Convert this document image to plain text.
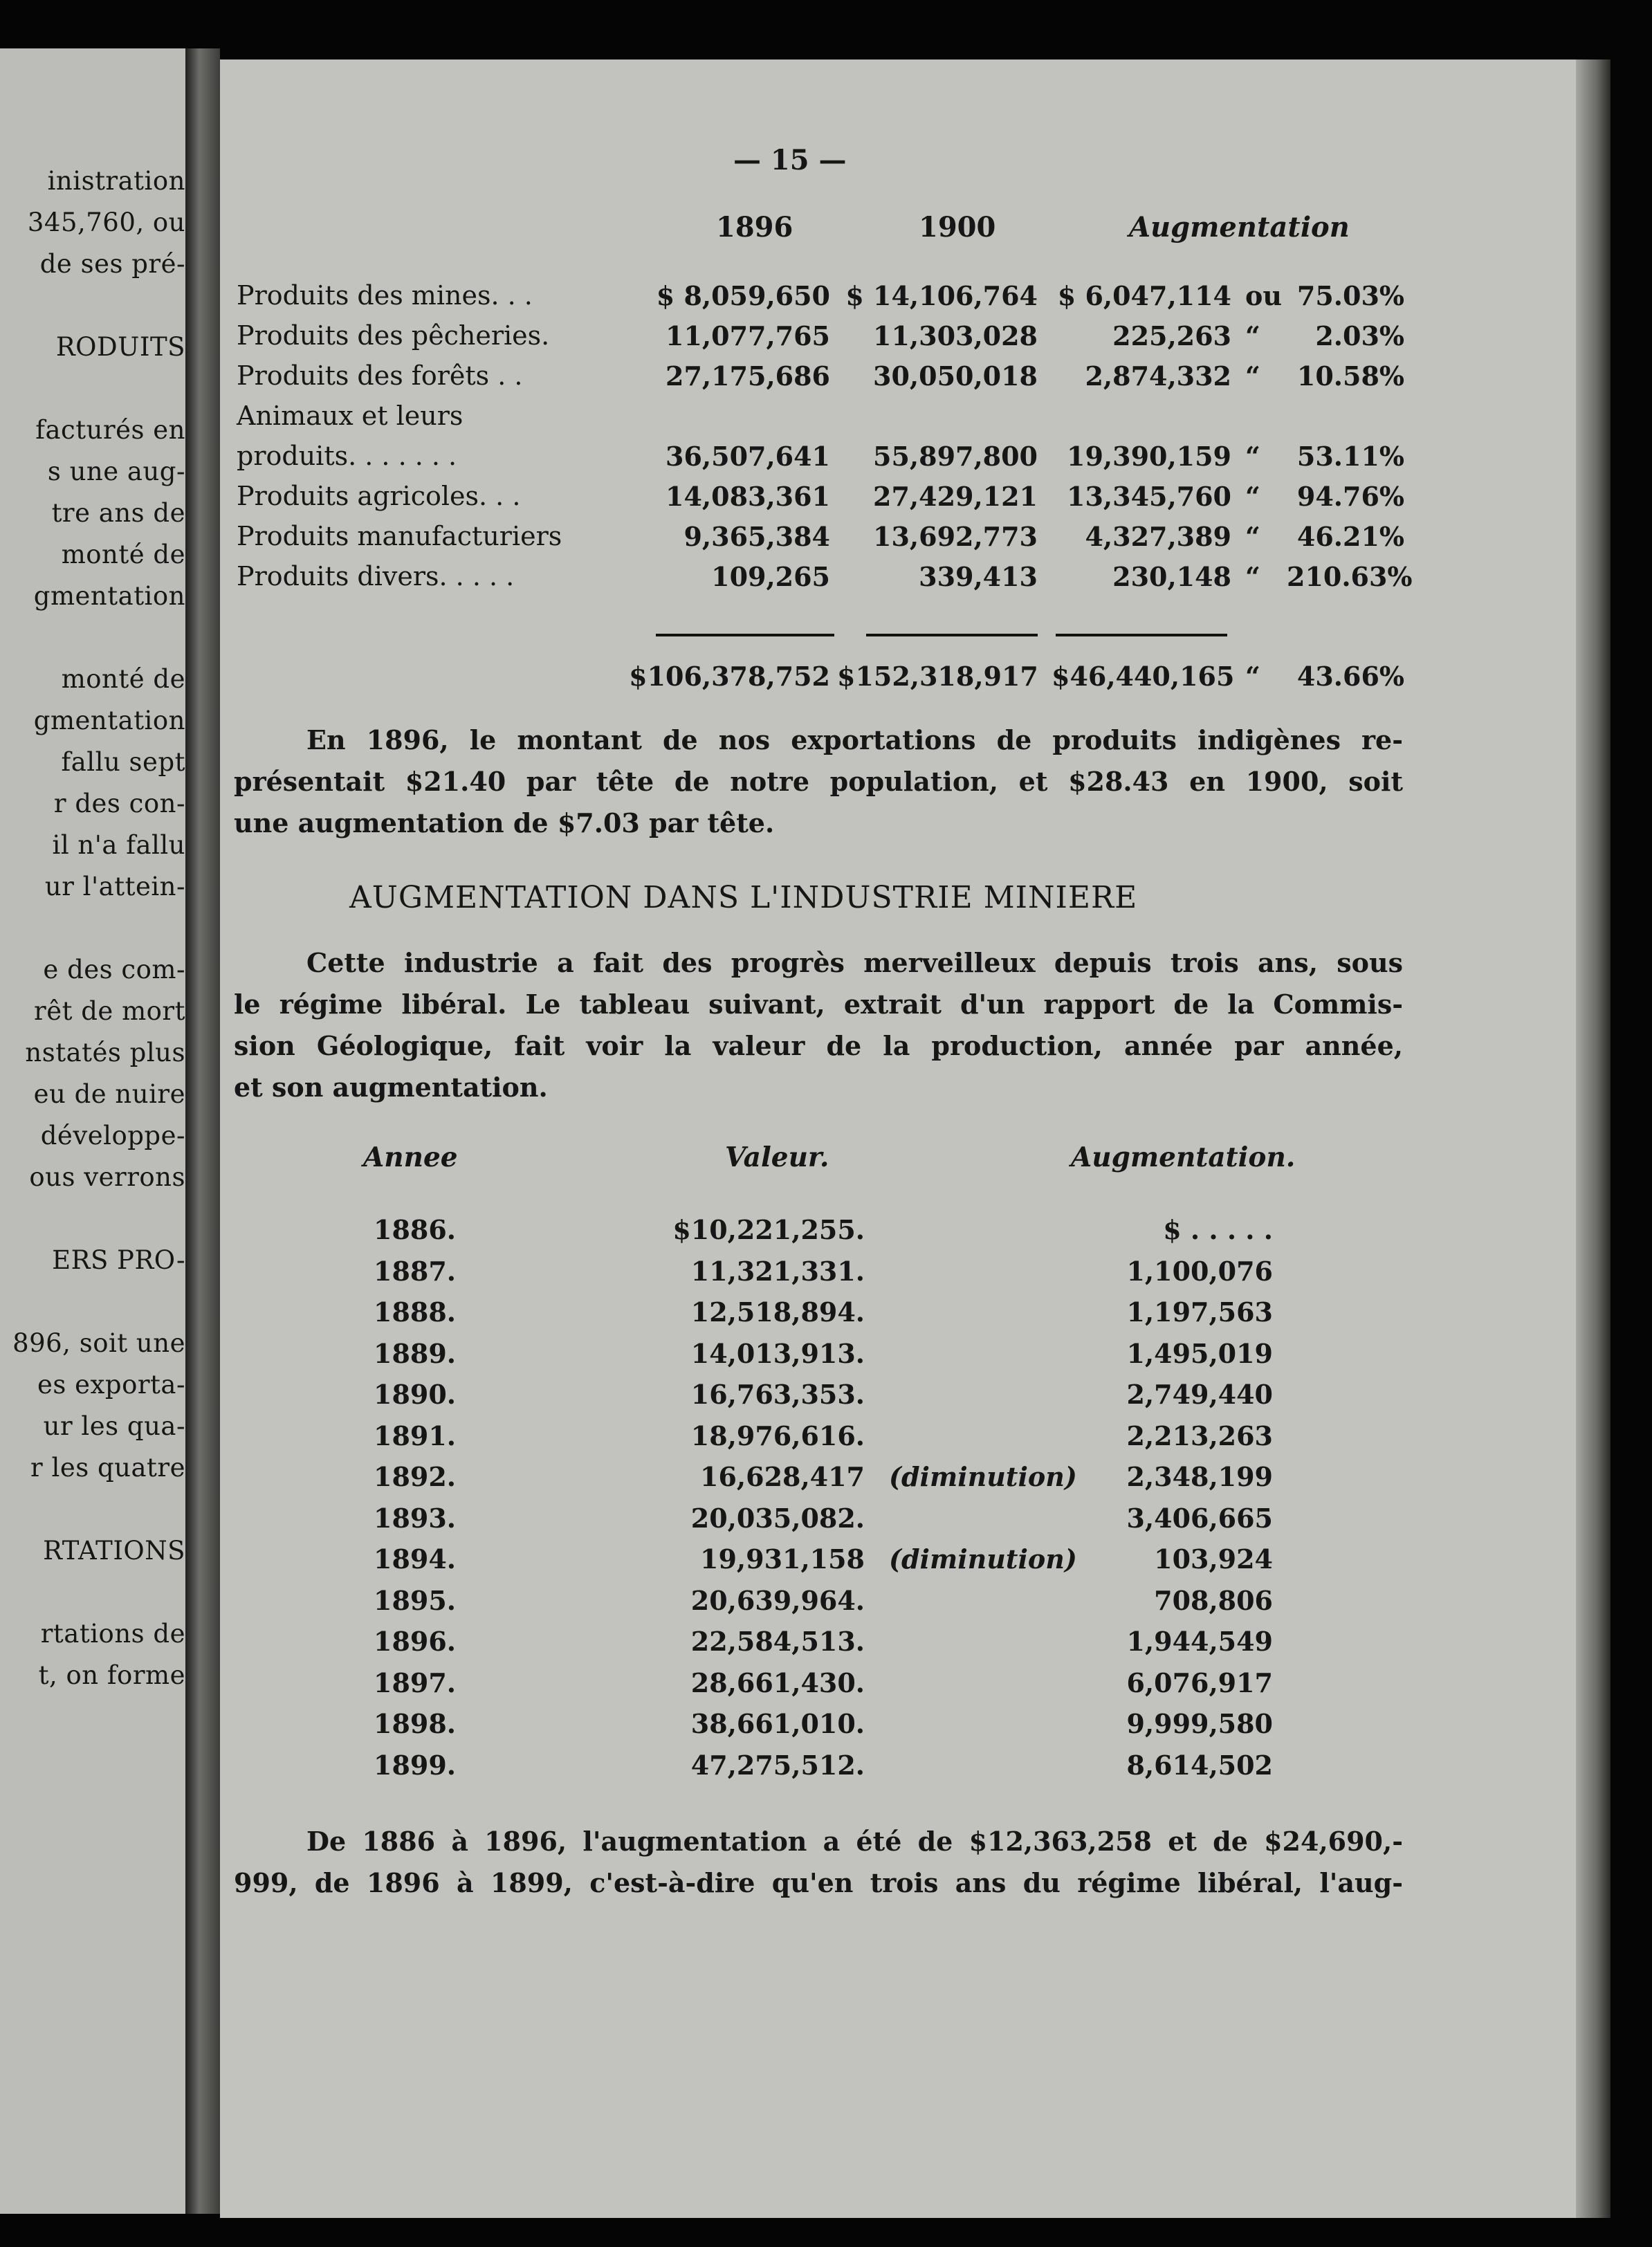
inistration
345,760, ou
de ses pré-
RODUITS
facturés en
s une aug-
tre ans de
monté de
gmentation
monté de
gmentation
fallu sept
r des con-
il n'a fallu
ur l'attein-
e des com-
rêt de mort
nstatés plus
eu de nuire
développe-
ous verrons
ERS PRO-
896, soit une
es exporta-
ur les qua-
r les quatre
RTATIONS
rtations de
t, on forme
— 15 —
1896	1900	Augmentation
Produits des mines. . .	$ 8,059,650 $ 14,106,764 $ 6,047,114 ou 75.03%
Produits des pêcheries.	11,077,765	11,303,028	225,263 “	2.03%
Produits des forêts . .	27,175,686	30,050,018	2,874,332 “	10.58%
Animaux et leurs
produits. . . . . . .	36,507,641	55,897,800	19,390,159 “	53.11%
Produits agricoles. . .	14,083,361	27,429,121	13,345,760 “	94.76%
Produits manufacturiers	9,365,384	13,692,773	4,327,389 “	46.21%
Produits divers. . . . .	109,265	339,413	230,148 “ 210.63%
$106,378,752 $152,318,917 $46,440,165 “	43.66%
En 1896, le montant de nos exportations de produits indigènes re-
présentait $21.40 par tête de notre population, et $28.43 en 1900, soit
une augmentation de $7.03 par tête.
AUGMENTATION DANS L'INDUSTRIE MINIERE
Cette industrie a fait des progrès merveilleux depuis trois ans, sous
le régime libéral. Le tableau suivant, extrait d'un rapport de la Commis-
sion Géologique, fait voir la valeur de la production, année par année,
et son augmentation.
Annee	Valeur.	Augmentation.
1886.	$10,221,255.	$ . . . . .
1887.	11,321,331.	1,100,076
1888.	12,518,894.	1,197,563
1889.	14,013,913.	1,495,019
1890.	16,763,353.	2,749,440
1891.	18,976,616.	2,213,263
1892.	16,628,417 (diminution)	2,348,199
1893.	20,035,082.	3,406,665
1894.	19,931,158 (diminution)	103,924
1895.	20,639,964.	708,806
1896.	22,584,513.	1,944,549
1897.	28,661,430.	6,076,917
1898.	38,661,010.	9,999,580
1899.	47,275,512.	8,614,502
De 1886 à 1896, l'augmentation a été de $12,363,258 et de $24,690,-
999, de 1896 à 1899, c'est-à-dire qu'en trois ans du régime libéral, l'aug-
